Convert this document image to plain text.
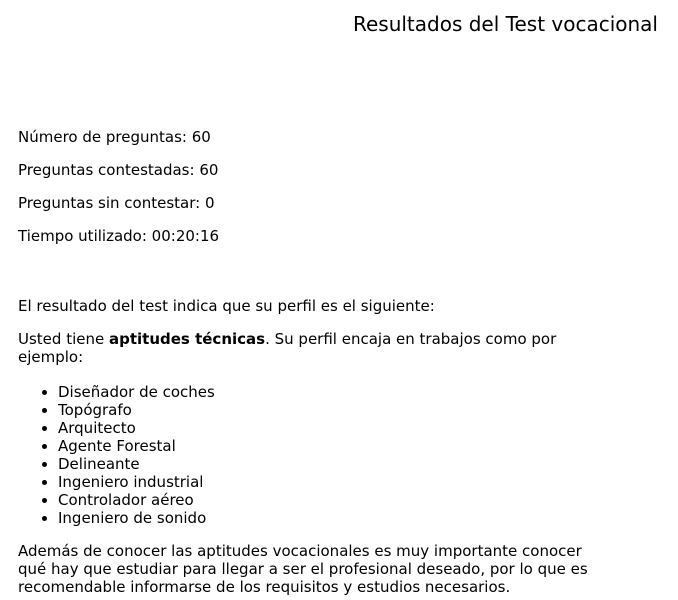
Resultados del Test vocacional

Número de preguntas: 60

Preguntas contestadas: 60

Preguntas sin contestar: 0

Tiempo utilizado: 00:20:16

El resultado del test indica que su perfil es el siguiente:

Usted tiene aptitudes técnicas. Su perfil encaja en trabajos como por ejemplo:

• Diseñador de coches
• Topógrafo
• Arquitecto
• Agente Forestal
• Delineante
• Ingeniero industrial
• Controlador aéreo
• Ingeniero de sonido

Además de conocer las aptitudes vocacionales es muy importante conocer qué hay que estudiar para llegar a ser el profesional deseado, por lo que es recomendable informarse de los requisitos y estudios necesarios.
